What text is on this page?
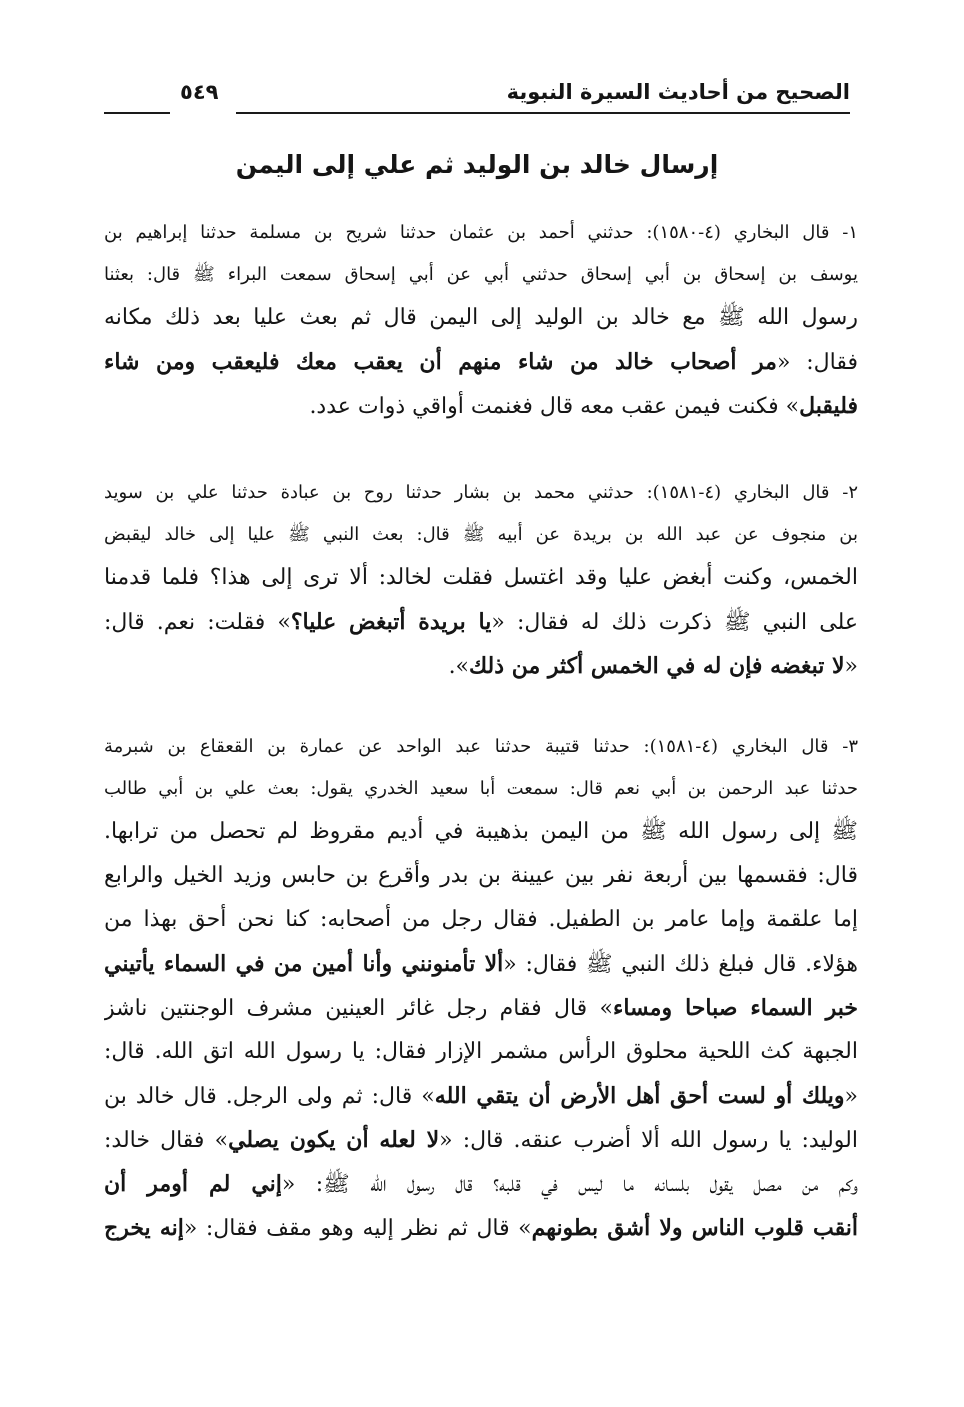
الصحيح من أحاديث السيرة النبوية
٥٤٩
إرسال خالد بن الوليد ثم علي إلى اليمن
١- قال البخاري (٤-١٥٨٠): حدثني أحمد بن عثمان حدثنا شريح بن مسلمة حدثنا إبراهيم بن
يوسف بن إسحاق بن أبي إسحاق حدثني أبي عن أبي إسحاق سمعت البراء ﷺ قال: بعثنا
رسول الله ﷺ مع خالد بن الوليد إلى اليمن قال ثم بعث عليا بعد ذلك مكانه
فقال: «مر أصحاب خالد من شاء منهم أن يعقب معك فليعقب ومن شاء
فليقبل» فكنت فيمن عقب معه قال فغنمت أواقي ذوات عدد.
٢- قال البخاري (٤-١٥٨١): حدثني محمد بن بشار حدثنا روح بن عبادة حدثنا علي بن سويد
بن منجوف عن عبد الله بن بريدة عن أبيه ﷺ قال: بعث النبي ﷺ عليا إلى خالد ليقبض
الخمس، وكنت أبغض عليا وقد اغتسل فقلت لخالد: ألا ترى إلى هذا؟ فلما قدمنا
على النبي ﷺ ذكرت ذلك له فقال: «يا بريدة أتبغض عليا؟» فقلت: نعم. قال:
«لا تبغضه فإن له في الخمس أكثر من ذلك».
٣- قال البخاري (٤-١٥٨١): حدثنا قتيبة حدثنا عبد الواحد عن عمارة بن القعقاع بن شبرمة
حدثنا عبد الرحمن بن أبي نعم قال: سمعت أبا سعيد الخدري يقول: بعث علي بن أبي طالب
ﷺ إلى رسول الله ﷺ من اليمن بذهيبة في أديم مقروظ لم تحصل من ترابها.
قال: فقسمها بين أربعة نفر بين عيينة بن بدر وأقرع بن حابس وزيد الخيل والرابع
إما علقمة وإما عامر بن الطفيل. فقال رجل من أصحابه: كنا نحن أحق بهذا من
هؤلاء. قال فبلغ ذلك النبي ﷺ فقال: «ألا تأمنونني وأنا أمين من في السماء يأتيني
خبر السماء صباحا ومساء» قال فقام رجل غائر العينين مشرف الوجنتين ناشز
الجبهة كث اللحية محلوق الرأس مشمر الإزار فقال: يا رسول الله اتق الله. قال:
«ويلك أو لست أحق أهل الأرض أن يتقي الله» قال: ثم ولى الرجل. قال خالد بن
الوليد: يا رسول الله ألا أضرب عنقه. قال: «لا لعله أن يكون يصلي» فقال خالد:
وكم من مصل يقول بلسانه ما ليس في قلبه؟ قال رسول الله ﷺ: «إني لم أومر أن
أنقب قلوب الناس ولا أشق بطونهم» قال ثم نظر إليه وهو مقف فقال: «إنه يخرج
